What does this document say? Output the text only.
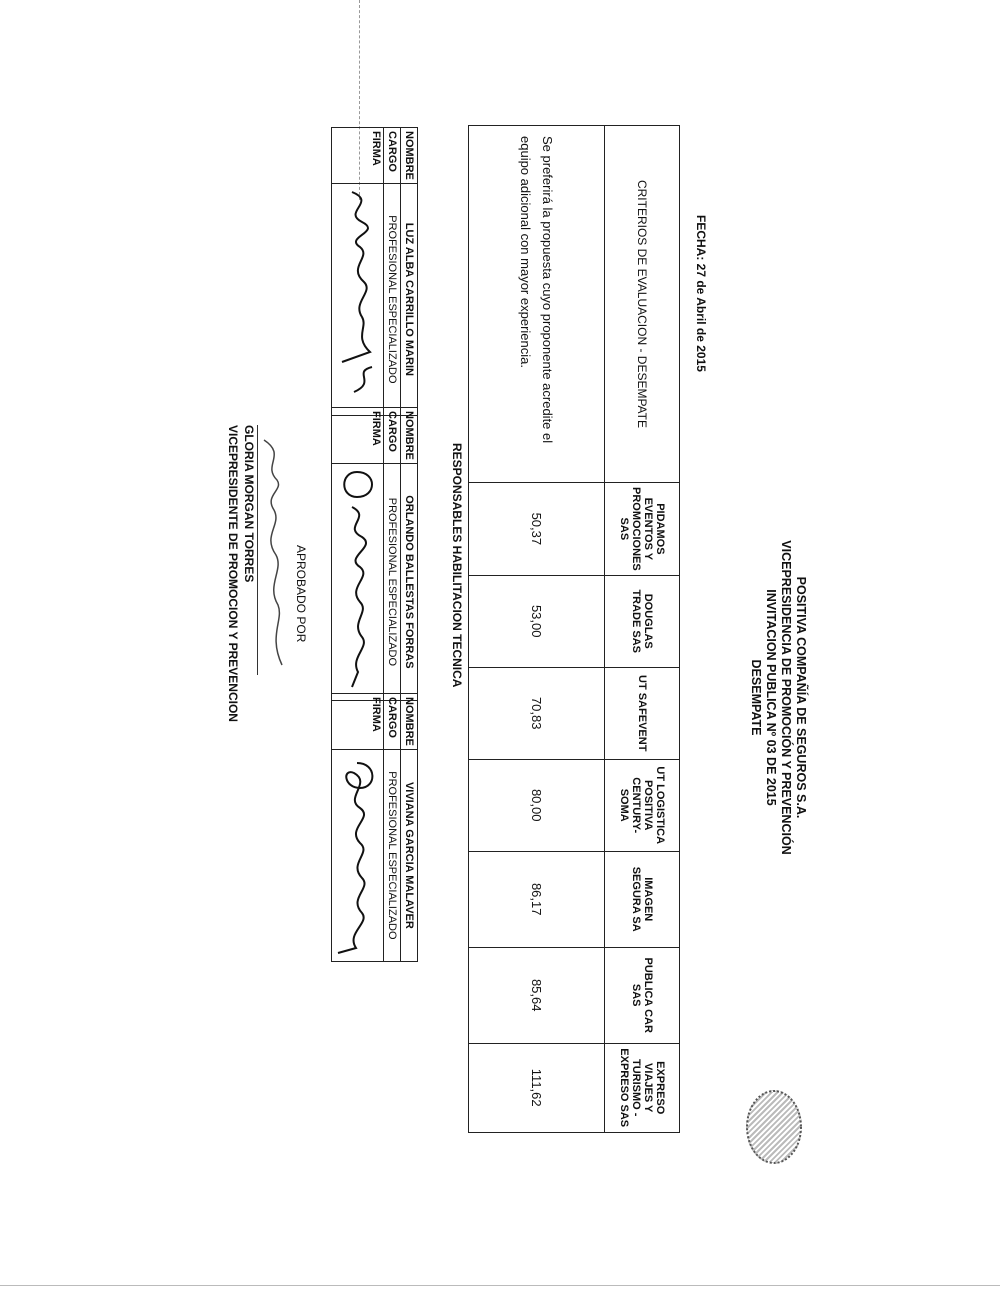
POSITIVA COMPAÑÍA DE SEGUROS S.A.
VICEPRESIDENCIA DE PROMOCIÓN Y PREVENCIÓN
INVITACION PUBLICA Nº 03 DE 2015
DESEMPATE
FECHA: 27 de Abril de 2015
CRITERIOS DE EVALUACION - DESEMPATE	PIDAMOS EVENTOS Y PROMOCIONES SAS	DOUGLAS TRADE SAS	UT SAFEVENT	UT LOGISTICA POSITIVA CENTURY-SOMA	IMAGEN SEGURA SA	PUBLICA CAR SAS	EXPRESO VIAJES Y TURISMO - EXPRESO SAS
Se preferirá la propuesta cuyo proponente acredite el equipo adicional con mayor experiencia.	50,37	53,00	70,83	80,00	86,17	85,64	111,62
RESPONSABLES HABILITACION TECNICA
NOMBRE	LUZ ALBA CARRILLO MARIN
CARGO	PROFESIONAL ESPECIALIZADO
FIRMA	
NOMBRE	ORLANDO BALLESTAS FORRAS
CARGO	PROFESIONAL ESPECIALIZADO
FIRMA	
NOMBRE	VIVIANA GARCIA MALAVER
CARGO	PROFESIONAL ESPECIALIZADO
FIRMA	
APROBADO POR
GLORIA MORGAN TORRES
VICEPRESIDENTE DE PROMOCION Y PREVENCION
